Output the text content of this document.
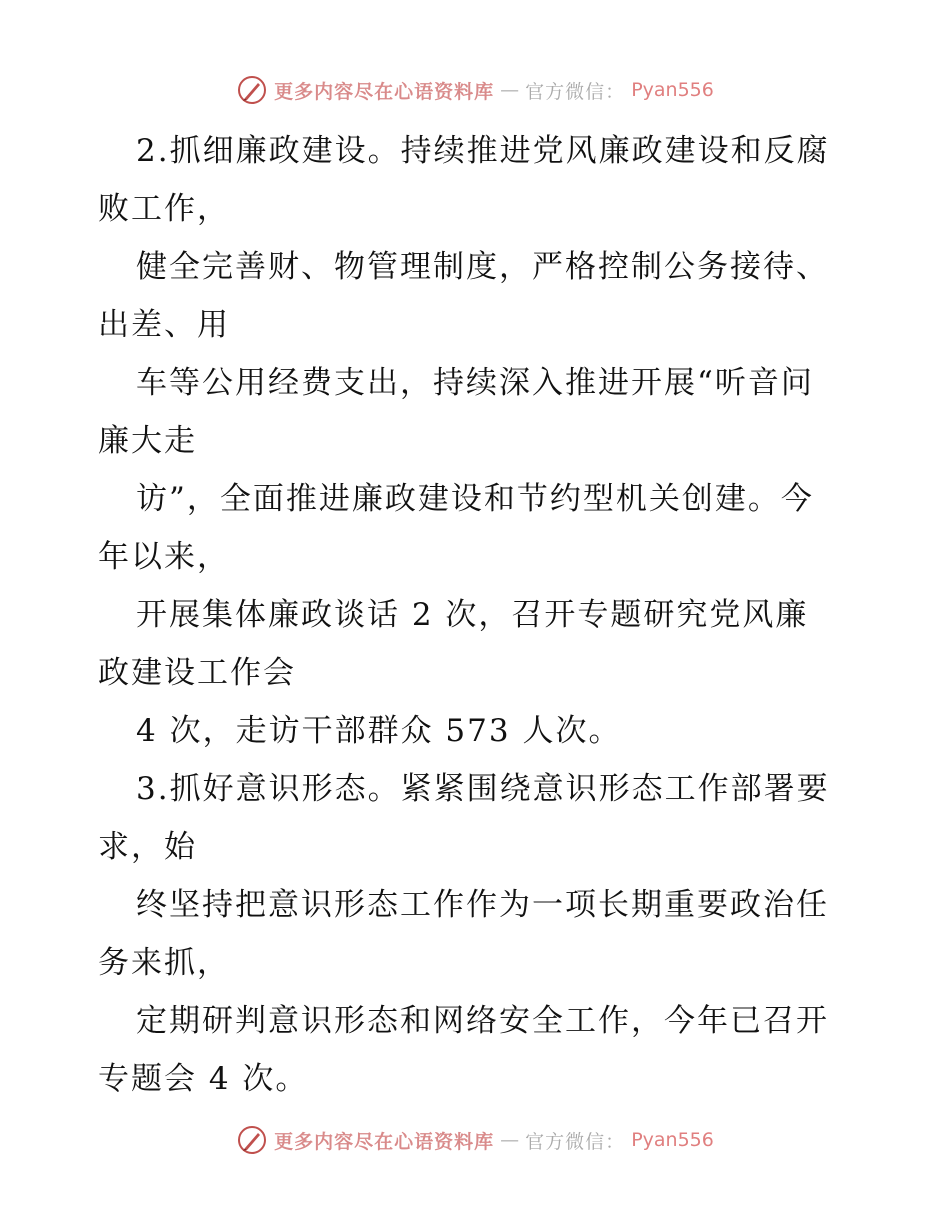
更多内容尽在心语资料库 — 官方微信： Pyan556
2.抓细廉政建设。持续推进党风廉政建设和反腐
败工作，
健全完善财、物管理制度，严格控制公务接待、
出差、用
车等公用经费支出，持续深入推进开展“听音问
廉大走
访”，全面推进廉政建设和节约型机关创建。今
年以来，
开展集体廉政谈话 2 次，召开专题研究党风廉
政建设工作会
4 次，走访干部群众 573 人次。
3.抓好意识形态。紧紧围绕意识形态工作部署要
求，始
终坚持把意识形态工作作为一项长期重要政治任
务来抓，
定期研判意识形态和网络安全工作，今年已召开
专题会 4 次。
更多内容尽在心语资料库 — 官方微信： Pyan556
